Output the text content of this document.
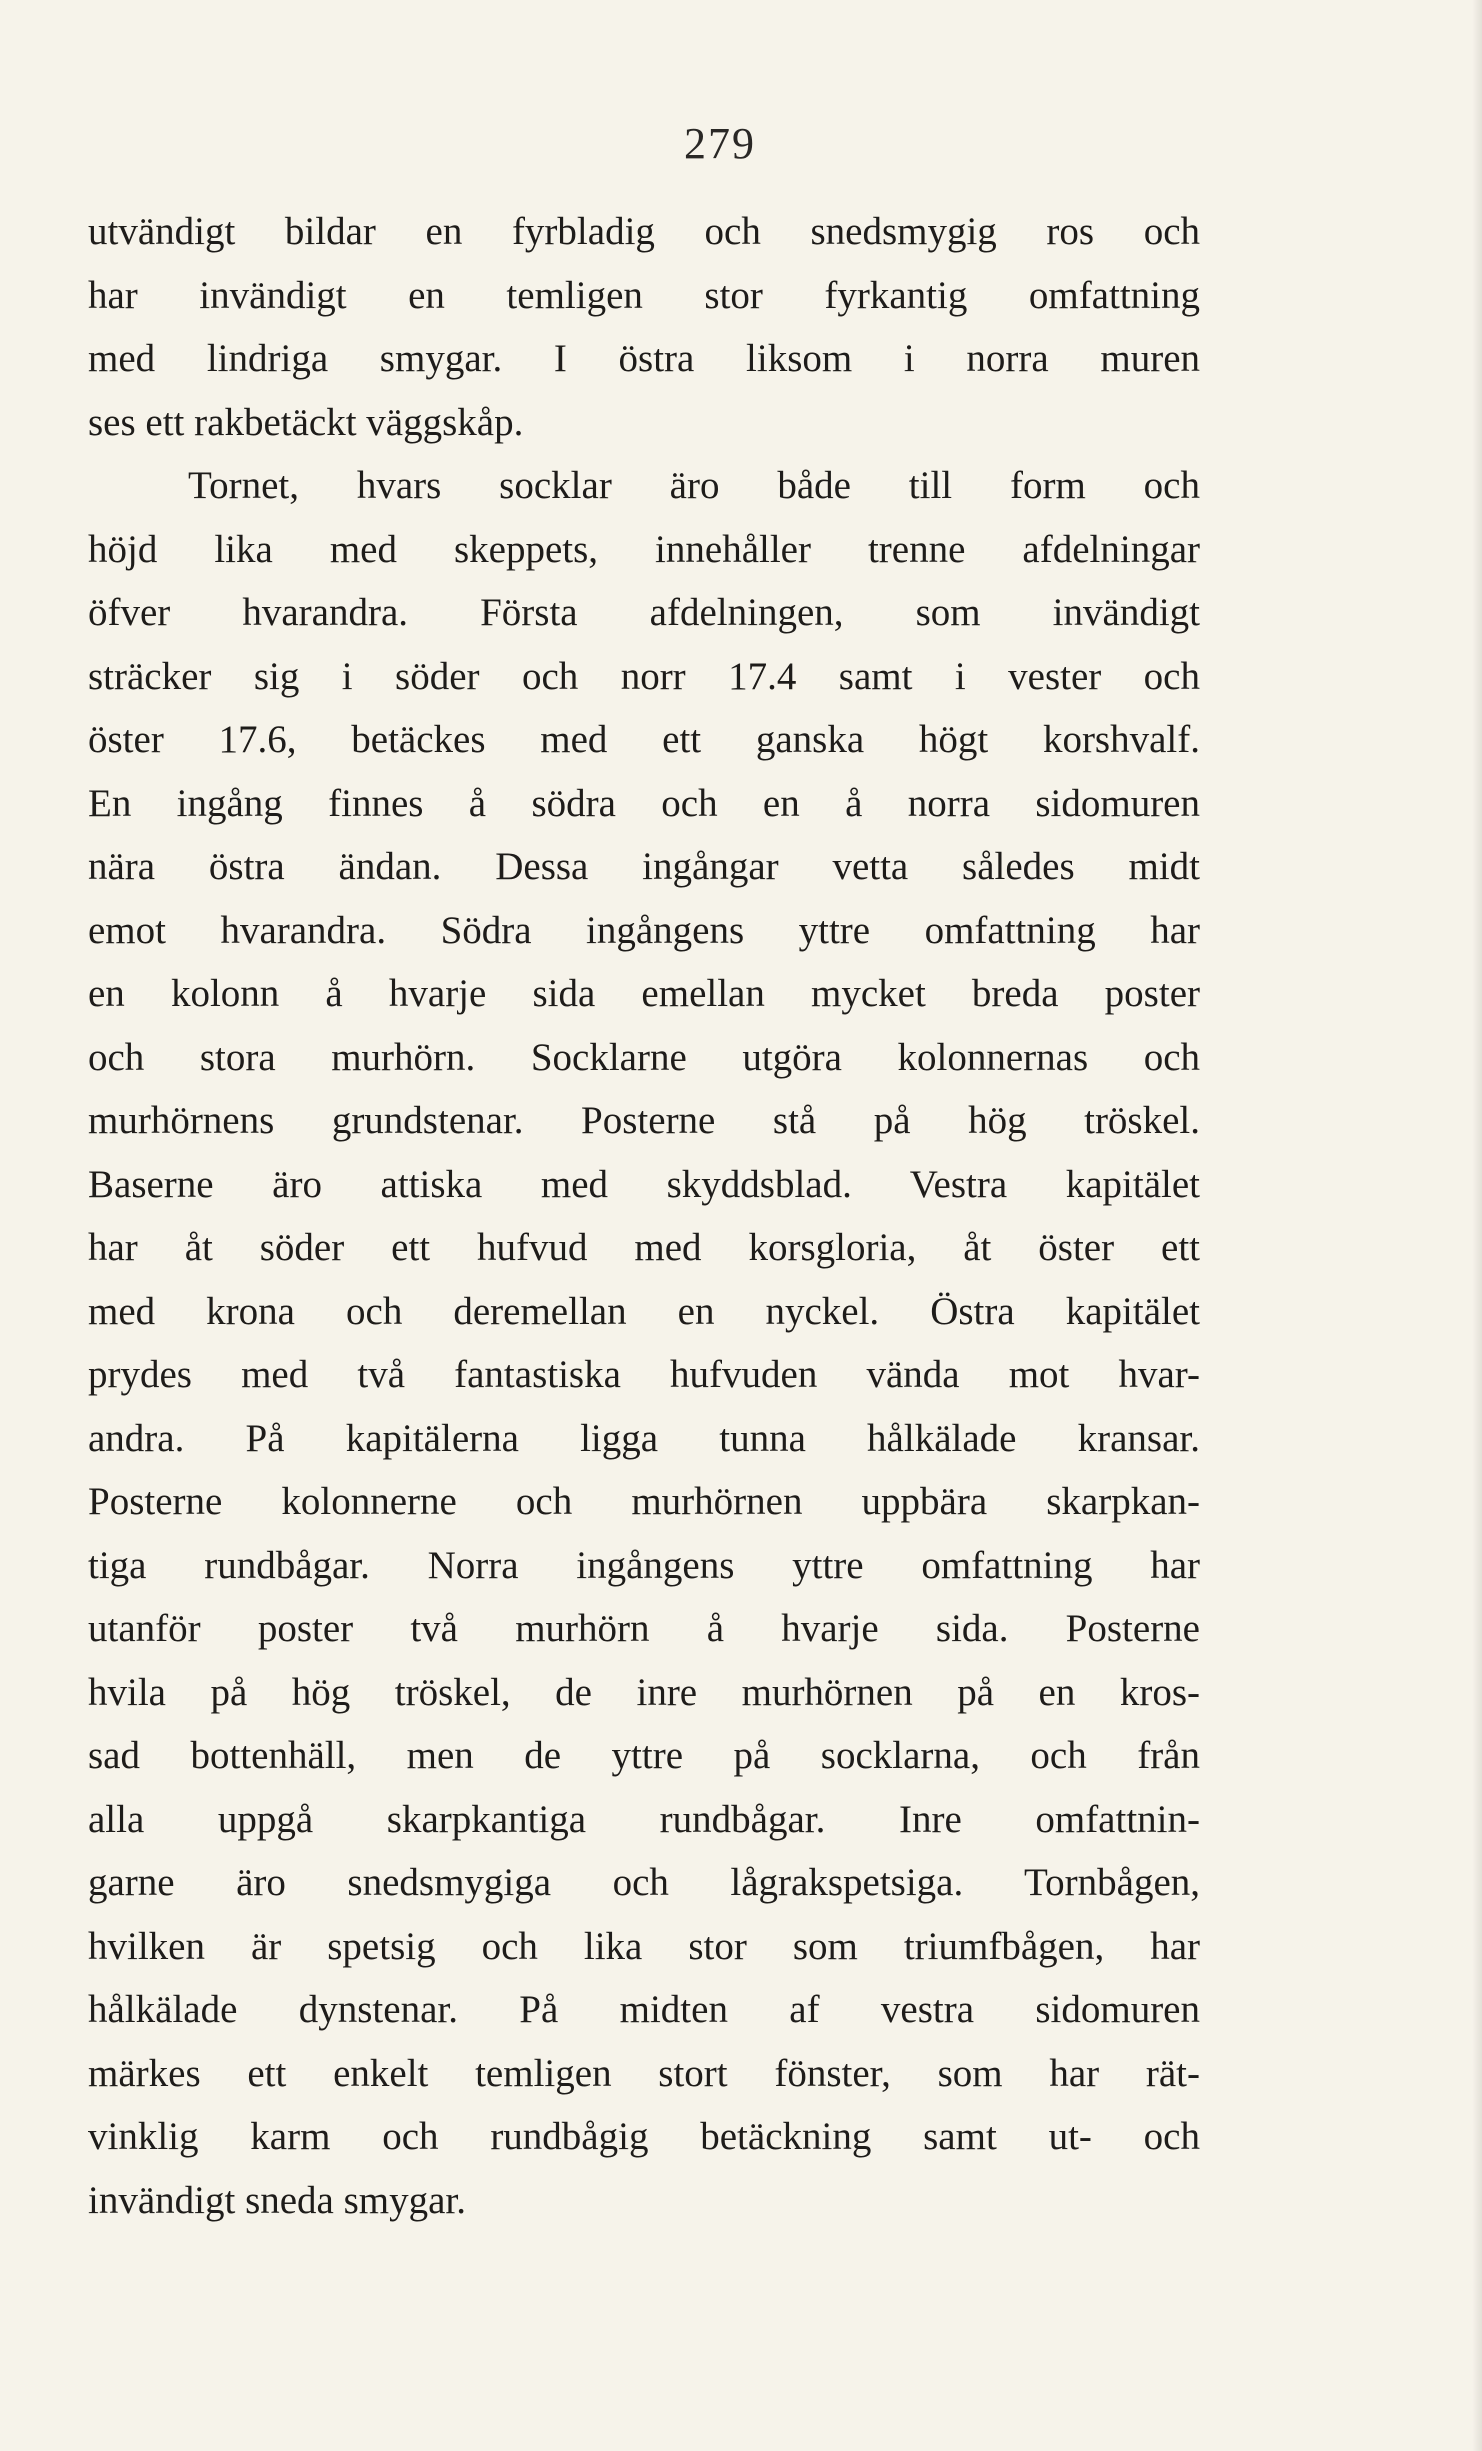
279
utvändigt bildar en fyrbladig och snedsmygig ros och
har invändigt en temligen stor fyrkantig omfattning
med lindriga smygar. I östra liksom i norra muren
ses ett rakbetäckt väggskåp.
Tornet, hvars socklar äro både till form och
höjd lika med skeppets, innehåller trenne afdelningar
öfver hvarandra. Första afdelningen, som invändigt
sträcker sig i söder och norr 17.4 samt i vester och
öster 17.6, betäckes med ett ganska högt korshvalf.
En ingång finnes å södra och en å norra sidomuren
nära östra ändan. Dessa ingångar vetta således midt
emot hvarandra. Södra ingångens yttre omfattning har
en kolonn å hvarje sida emellan mycket breda poster
och stora murhörn. Socklarne utgöra kolonnernas och
murhörnens grundstenar. Posterne stå på hög tröskel.
Baserne äro attiska med skyddsblad. Vestra kapitälet
har åt söder ett hufvud med korsgloria, åt öster ett
med krona och deremellan en nyckel. Östra kapitälet
prydes med två fantastiska hufvuden vända mot hvar-
andra. På kapitälerna ligga tunna hålkälade kransar.
Posterne kolonnerne och murhörnen uppbära skarpkan-
tiga rundbågar. Norra ingångens yttre omfattning har
utanför poster två murhörn å hvarje sida. Posterne
hvila på hög tröskel, de inre murhörnen på en kros-
sad bottenhäll, men de yttre på socklarna, och från
alla uppgå skarpkantiga rundbågar. Inre omfattnin-
garne äro snedsmygiga och lågrakspetsiga. Tornbågen,
hvilken är spetsig och lika stor som triumfbågen, har
hålkälade dynstenar. På midten af vestra sidomuren
märkes ett enkelt temligen stort fönster, som har rät-
vinklig karm och rundbågig betäckning samt ut- och
invändigt sneda smygar.
